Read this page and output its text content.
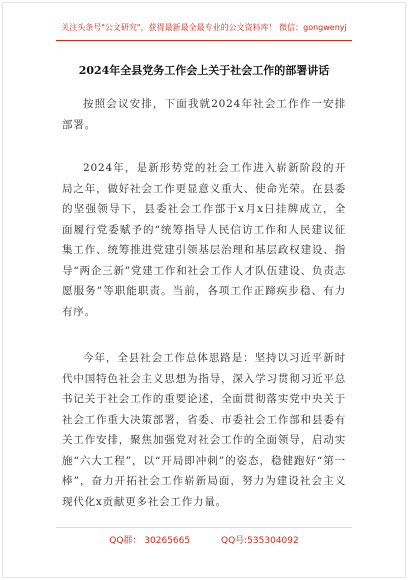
关注头条号"公文研究"，获得最新最全最专业的公文资料库！ 微信：gongwenyj
2024年全县党务工作会上关于社会工作的部署讲话

按照会议安排，下面我就2024年社会工作作一安排部署。

2024年，是新形势党的社会工作进入崭新阶段的开局之年，做好社会工作更显意义重大、使命光荣。在县委的坚强领导下，县委社会工作部于x月x日挂牌成立，全面履行党委赋予的“统筹指导人民信访工作和人民建议征集工作、统筹推进党建引领基层治理和基层政权建设、指导“两企三新”党建工作和社会工作人才队伍建设、负责志愿服务”等职能职责。当前，各项工作正蹄疾步稳、有力有序。

今年，全县社会工作总体思路是：坚持以习近平新时代中国特色社会主义思想为指导，深入学习贯彻习近平总书记关于社会工作的重要论述，全面贯彻落实党中央关于社会工作重大决策部署，省委、市委社会工作部和县委有关工作安排，聚焦加强党对社会工作的全面领导，启动实施“六大工程”，以“开局即冲刺”的姿态，稳健跑好“第一棒”，奋力开拓社会工作崭新局面，努力为建设社会主义现代化x贡献更多社会工作力量。

QQ群： 30265665	QQ号:535304092
